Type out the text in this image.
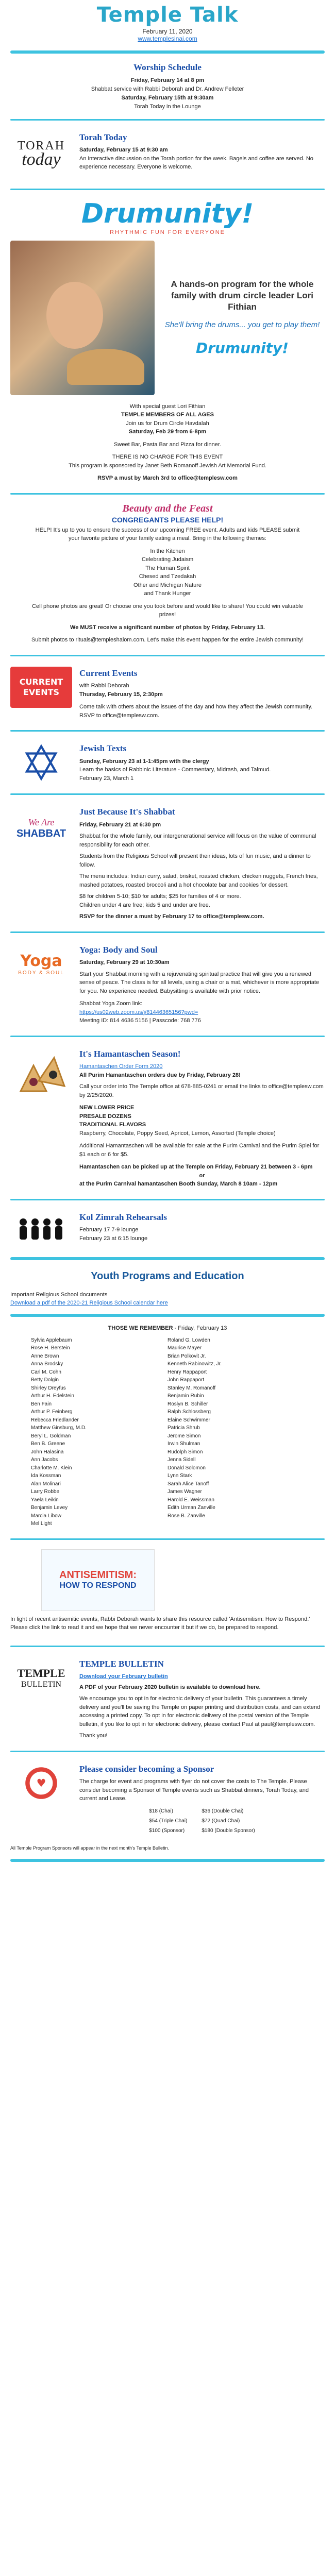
Temple Talk
February 11, 2020
www.templesinai.com
Worship Schedule
Friday, February 14 at 8 pm
Shabbat service with Rabbi Deborah and Dr. Andrew Felleter
Saturday, February 15th at 9:30am
Torah Today in the Lounge
TORAH
today
Torah Today
Saturday, February 15 at 9:30 am
An interactive discussion on the Torah portion for the week. Bagels and coffee are served. No experience necessary. Everyone is welcome.
Drumunity!
RHYTHMIC FUN FOR EVERYONE
A hands-on program for the whole family with drum circle leader Lori Fithian
She'll bring the drums... you get to play them!
Drumunity!
With special guest Lori Fithian
TEMPLE MEMBERS OF ALL AGES
Join us for Drum Circle Havdalah
Saturday, Feb 29 from 6-8pm
Sweet Bar, Pasta Bar and Pizza for dinner.
THERE IS NO CHARGE FOR THIS EVENT
This program is sponsored by Janet Beth Romanoff Jewish Art Memorial Fund.
RSVP a must by March 3rd to office@templesw.com
Beauty and the Feast
CONGREGANTS PLEASE HELP!
HELP! It's up to you to ensure the success of our upcoming FREE event. Adults and kids PLEASE submit your favorite picture of your family eating a meal. Bring in the following themes:
In the Kitchen
Celebrating Judaism
The Human Spirit
Chesed and Tzedakah
Other and Michigan Nature
and Thank Hunger
Cell phone photos are great! Or choose one you took before and would like to share! You could win valuable prizes!
We MUST receive a significant number of photos by Friday, February 13.
Submit photos to rituals@templeshalom.com. Let's make this event happen for the entire Jewish community!
CURRENT EVENTS
Current Events
with Rabbi Deborah
Thursday, February 15, 2:30pm
Come talk with others about the issues of the day and how they affect the Jewish community. RSVP to office@templesw.com.
Jewish Texts
Sunday, February 23 at 1-1:45pm with the clergy
Learn the basics of Rabbinic Literature - Commentary, Midrash, and Talmud.
February 23, March 1
We Are
SHABBAT
Just Because It's Shabbat
Friday, February 21 at 6:30 pm
Shabbat for the whole family, our intergenerational service will focus on the value of communal responsibility for each other.
Students from the Religious School will present their ideas, lots of fun music, and a dinner to follow.
The menu includes: Indian curry, salad, brisket, roasted chicken, chicken nuggets, French fries, mashed potatoes, roasted broccoli and a hot chocolate bar and cookies for dessert.
$8 for children 5-10; $10 for adults; $25 for families of 4 or more.
Children under 4 are free; kids 5 and under are free.
RSVP for the dinner a must by February 17 to office@templesw.com.
Yoga
BODY & SOUL
Yoga: Body and Soul
Saturday, February 29 at 10:30am
Start your Shabbat morning with a rejuvenating spiritual practice that will give you a renewed sense of peace. The class is for all levels, using a chair or a mat, whichever is more appropriate for you. No experience needed. Babysitting is available with prior notice.
Shabbat Yoga Zoom link:
https://us02web.zoom.us/j/81446365156?pwd=
Meeting ID: 814 4636 5156 | Passcode: 768 776
It's Hamantaschen Season!
Hamantaschen Order Form 2020
All Purim Hamantaschen orders due by Friday, February 28!
Call your order into The Temple office at 678-885-0241 or email the links to office@templesw.com by 2/25/2020.
NEW LOWER PRICE
PRESALE DOZENS
TRADITIONAL FLAVORS
Raspberry, Chocolate, Poppy Seed, Apricot, Lemon, Assorted (Temple choice)
Additional Hamantaschen will be available for sale at the Purim Carnival and the Purim Spiel for $1 each or 6 for $5.
Hamantaschen can be picked up at the Temple on Friday, February 21 between 3 - 6pm
or
at the Purim Carnival hamantaschen Booth Sunday, March 8 10am - 12pm
Kol Zimrah Rehearsals
February 17 7-9 lounge
February 23 at 6:15 lounge
Youth Programs and Education
Important Religious School documents
Download a pdf of the 2020-21 Religious School calendar here
THOSE WE REMEMBER - Friday, February 13
Sylvia Applebaum
Rose H. Berstein
Anne Brown
Anna Brodsky
Carl M. Cohn
Betty Dolgin
Shirley Dreyfus
Arthur H. Edelstein
Ben Fain
Arthur P. Feinberg
Rebecca Friedlander
Matthew Ginsburg, M.D.
Beryl L. Goldman
Ben B. Greene
John Halasina
Ann Jacobs
Charlotte M. Klein
Ida Kossman
Alan Molinari
Larry Robbe
Yaela Leikin
Benjamin Levey
Marcia Libow
Mel Light
Roland G. Lowden
Maurice Mayer
Brian Polkovit Jr.
Kenneth Rabinowitz, Jr.
Henry Rappaport
John Rappaport
Stanley M. Romanoff
Benjamin Rubin
Roslyn B. Schiller
Ralph Schlossberg
Elaine Schwimmer
Patricia Shrub
Jerome Simon
Irwin Shulman
Rudolph Simon
Jenna Sidell
Donald Solomon
Lynn Stark
Sarah Alice Tanoff
James Wagner
Harold E. Weissman
Edith Urman Zanville
Rose B. Zanville
ANTISEMITISM:
HOW TO RESPOND
In light of recent antisemitic events, Rabbi Deborah wants to share this resource called 'Antisemitism: How to Respond.' Please click the link to read it and we hope that we never encounter it but if we do, be prepared to respond.
TEMPLE
BULLETIN
TEMPLE BULLETIN
Download your February bulletin
A PDF of your February 2020 bulletin is available to download here.
We encourage you to opt in for electronic delivery of your bulletin. This guarantees a timely delivery and you'll be saving the Temple on paper printing and distribution costs, and can extend accessing a printed copy. To opt in for electronic delivery of the postal version of the Temple bulletin, if you like to opt in for electronic delivery, please contact Paul at paul@templesw.com.
Thank you!
♥
Please consider becoming a Sponsor
The charge for event and programs with flyer do not cover the costs to The Temple. Please consider becoming a Sponsor of Temple events such as Shabbat dinners, Torah Today, and current and Lease.
$18 (Chai)	$36 (Double Chai)
$54 (Triple Chai)	$72 (Quad Chai)
$100 (Sponsor)	$180 (Double Sponsor)
All Temple Program Sponsors will appear in the next month's Temple Bulletin.
